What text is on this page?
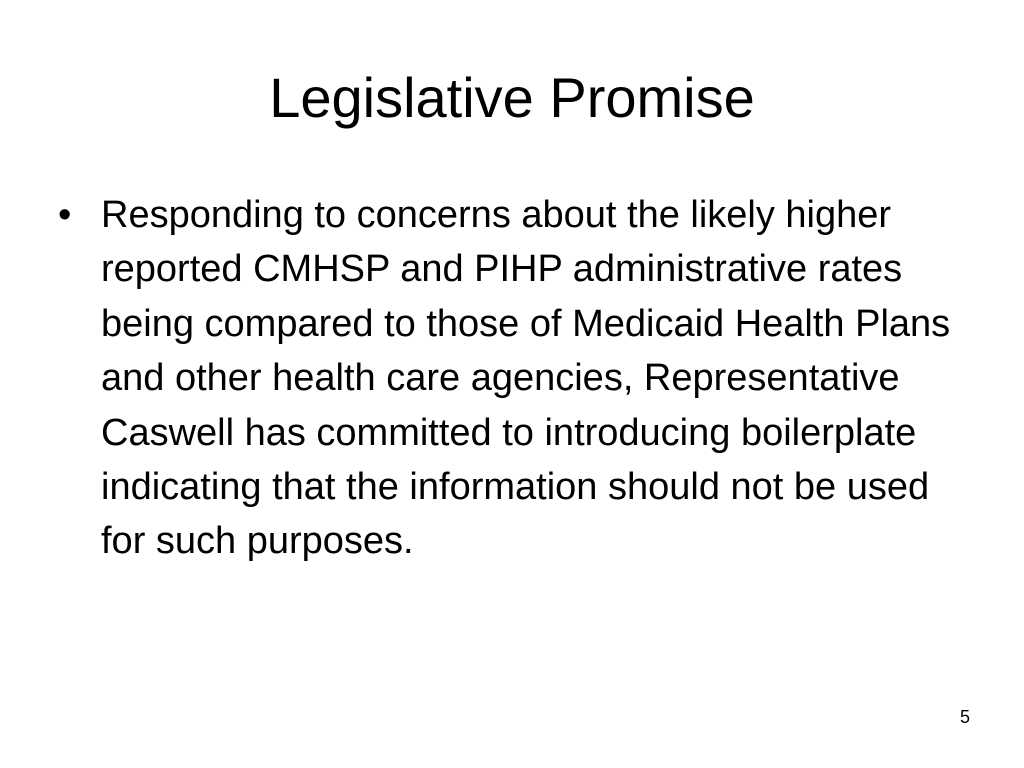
Legislative Promise
• Responding to concerns about the likely higher reported CMHSP and PIHP administrative rates being compared to those of Medicaid Health Plans and other health care agencies, Representative Caswell has committed to introducing boilerplate indicating that the information should not be used for such purposes.
5
